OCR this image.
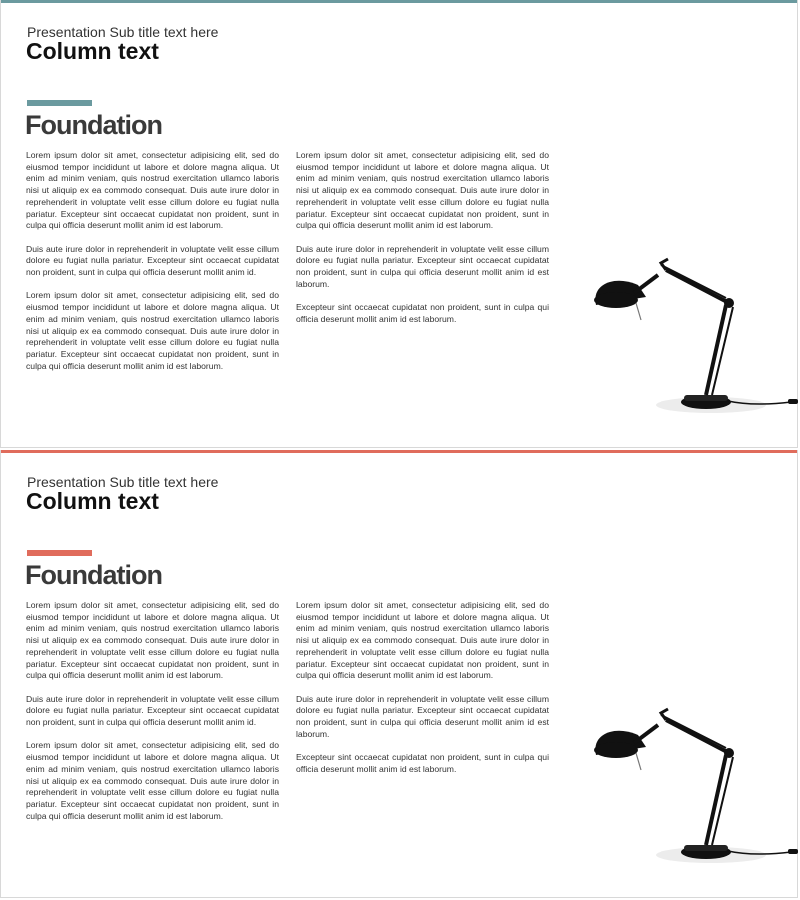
Presentation Sub title text here
Column text
Foundation

Lorem ipsum dolor sit amet, consectetur adipisicing elit, sed do eiusmod tempor incididunt ut labore et dolore magna aliqua. Ut enim ad minim veniam, quis nostrud exercitation ullamco laboris nisi ut aliquip ex ea commodo consequat. Duis aute irure dolor in reprehenderit in voluptate velit esse cillum dolore eu fugiat nulla pariatur. Excepteur sint occaecat cupidatat non proident, sunt in culpa qui officia deserunt mollit anim id est laborum.

Duis aute irure dolor in reprehenderit in voluptate velit esse cillum dolore eu fugiat nulla pariatur. Excepteur sint occaecat cupidatat non proident, sunt in culpa qui officia deserunt mollit anim id.

Lorem ipsum dolor sit amet, consectetur adipisicing elit, sed do eiusmod tempor incididunt ut labore et dolore magna aliqua. Ut enim ad minim veniam, quis nostrud exercitation ullamco laboris nisi ut aliquip ex ea commodo consequat. Duis aute irure dolor in reprehenderit in voluptate velit esse cillum dolore eu fugiat nulla pariatur. Excepteur sint occaecat cupidatat non proident, sunt in culpa qui officia deserunt mollit anim id est laborum.

Lorem ipsum dolor sit amet, consectetur adipisicing elit, sed do eiusmod tempor incididunt ut labore et dolore magna aliqua. Ut enim ad minim veniam, quis nostrud exercitation ullamco laboris nisi ut aliquip ex ea commodo consequat. Duis aute irure dolor in reprehenderit in voluptate velit esse cillum dolore eu fugiat nulla pariatur. Excepteur sint occaecat cupidatat non proident, sunt in culpa qui officia deserunt mollit anim id est laborum.

Duis aute irure dolor in reprehenderit in voluptate velit esse cillum dolore eu fugiat nulla pariatur. Excepteur sint occaecat cupidatat non proident, sunt in culpa qui officia deserunt mollit anim id est laborum.

Excepteur sint occaecat cupidatat non proident, sunt in culpa qui officia deserunt mollit anim id est laborum.

Presentation Sub title text here
Column text
Foundation

Lorem ipsum dolor sit amet, consectetur adipisicing elit, sed do eiusmod tempor incididunt ut labore et dolore magna aliqua. Ut enim ad minim veniam, quis nostrud exercitation ullamco laboris nisi ut aliquip ex ea commodo consequat. Duis aute irure dolor in reprehenderit in voluptate velit esse cillum dolore eu fugiat nulla pariatur. Excepteur sint occaecat cupidatat non proident, sunt in culpa qui officia deserunt mollit anim id est laborum.

Duis aute irure dolor in reprehenderit in voluptate velit esse cillum dolore eu fugiat nulla pariatur. Excepteur sint occaecat cupidatat non proident, sunt in culpa qui officia deserunt mollit anim id.

Lorem ipsum dolor sit amet, consectetur adipisicing elit, sed do eiusmod tempor incididunt ut labore et dolore magna aliqua. Ut enim ad minim veniam, quis nostrud exercitation ullamco laboris nisi ut aliquip ex ea commodo consequat. Duis aute irure dolor in reprehenderit in voluptate velit esse cillum dolore eu fugiat nulla pariatur. Excepteur sint occaecat cupidatat non proident, sunt in culpa qui officia deserunt mollit anim id est laborum.

Lorem ipsum dolor sit amet, consectetur adipisicing elit, sed do eiusmod tempor incididunt ut labore et dolore magna aliqua. Ut enim ad minim veniam, quis nostrud exercitation ullamco laboris nisi ut aliquip ex ea commodo consequat. Duis aute irure dolor in reprehenderit in voluptate velit esse cillum dolore eu fugiat nulla pariatur. Excepteur sint occaecat cupidatat non proident, sunt in culpa qui officia deserunt mollit anim id est laborum.

Duis aute irure dolor in reprehenderit in voluptate velit esse cillum dolore eu fugiat nulla pariatur. Excepteur sint occaecat cupidatat non proident, sunt in culpa qui officia deserunt mollit anim id est laborum.

Excepteur sint occaecat cupidatat non proident, sunt in culpa qui officia deserunt mollit anim id est laborum.
